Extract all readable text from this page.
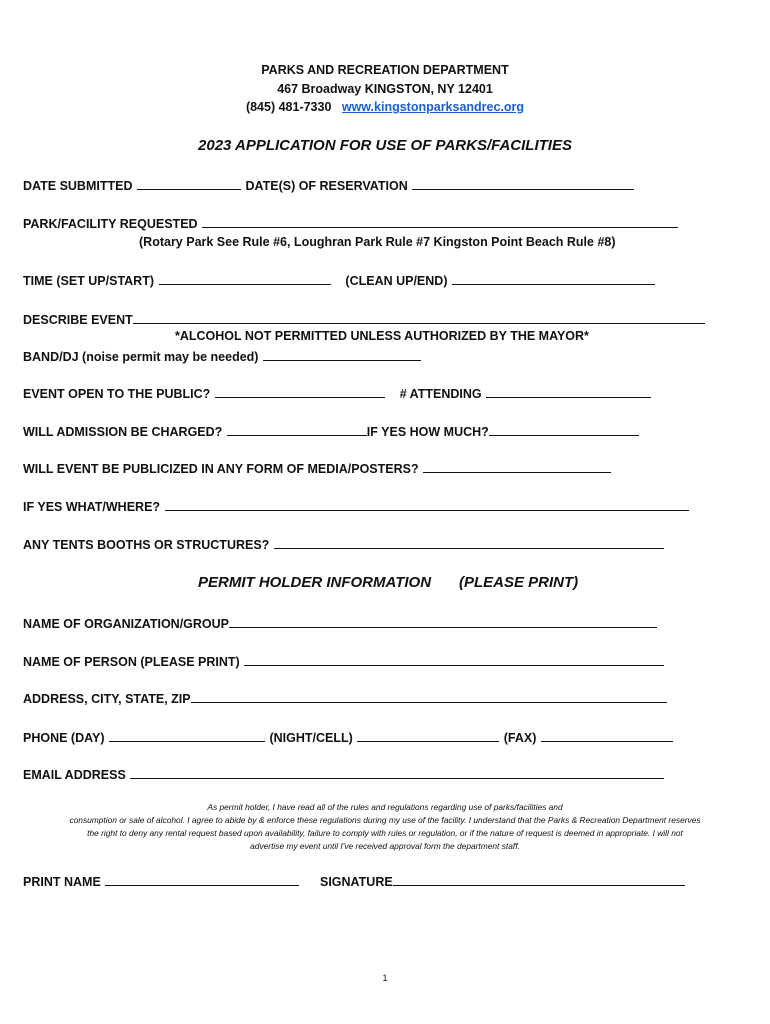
PARKS AND RECREATION DEPARTMENT
467 Broadway KINGSTON, NY 12401
(845) 481-7330 www.kingstonparksandrec.org
2023 APPLICATION FOR USE OF PARKS/FACILITIES
DATE SUBMITTED	DATE(S) OF RESERVATION
PARK/FACILITY REQUESTED
(Rotary Park See Rule #6, Loughran Park Rule #7 Kingston Point Beach Rule #8)
TIME (SET UP/START)	(CLEAN UP/END)
DESCRIBE EVENT
*ALCOHOL NOT PERMITTED UNLESS AUTHORIZED BY THE MAYOR*
BAND/DJ (noise permit may be needed)
EVENT OPEN TO THE PUBLIC?	# ATTENDING
WILL ADMISSION BE CHARGED?	IF YES HOW MUCH?
WILL EVENT BE PUBLICIZED IN ANY FORM OF MEDIA/POSTERS?
IF YES WHAT/WHERE?
ANY TENTS BOOTHS OR STRUCTURES?
PERMIT HOLDER INFORMATION (PLEASE PRINT)
NAME OF ORGANIZATION/GROUP
NAME OF PERSON (PLEASE PRINT)
ADDRESS, CITY, STATE, ZIP
PHONE (DAY)	(NIGHT/CELL)	(FAX)
EMAIL ADDRESS
As permit holder, I have read all of the rules and regulations regarding use of parks/facilities and
consumption or sale of alcohol. I agree to abide by & enforce these regulations during my use of the facility. I understand that the Parks & Recreation Department reserves
the right to deny any rental request based upon availability, failure to comply with rules or regulation, or if the nature of request is deemed in appropriate. I will not
advertise my event until I've received approval form the department staff.
PRINT NAME	SIGNATURE
1
